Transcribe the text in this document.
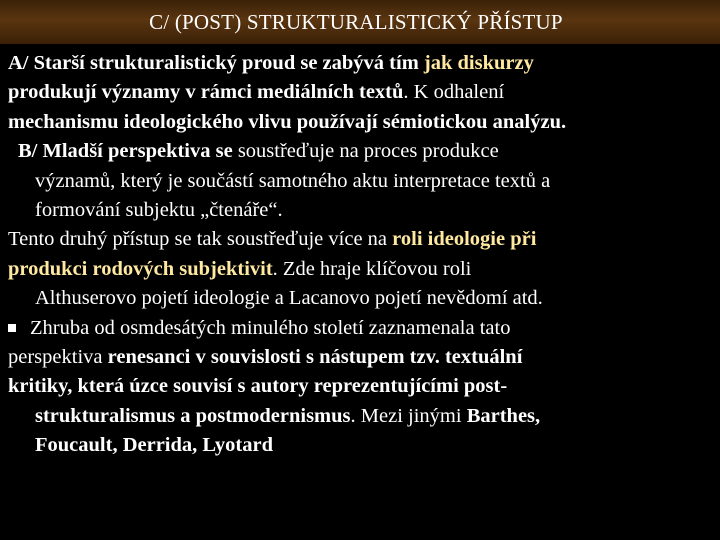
C/ (POST) STRUKTURALISTICKÝ PŘÍSTUP
A/ Starší strukturalistický proud se zabývá tím jak diskurzy
produkují významy v rámci mediálních textů. K odhalení
mechanismu ideologického vlivu používají sémiotickou analýzu.
B/ Mladší perspektiva se soustřeďuje na proces produkce
významů, který je součástí samotného aktu interpretace textů a
formování subjektu „čtenáře“.
Tento druhý přístup se tak soustřeďuje více na roli ideologie při
produkci rodových subjektivit. Zde hraje klíčovou roli
Althuserovo pojetí ideologie a Lacanovo pojetí nevědomí atd.
Zhruba od osmdesátých minulého století zaznamenala tato
perspektiva renesanci v souvislosti s nástupem tzv. textuální
kritiky, která úzce souvisí s autory reprezentujícími post-
strukturalismus a postmodernismus. Mezi jinými Barthes,
Foucault, Derrida, Lyotard
